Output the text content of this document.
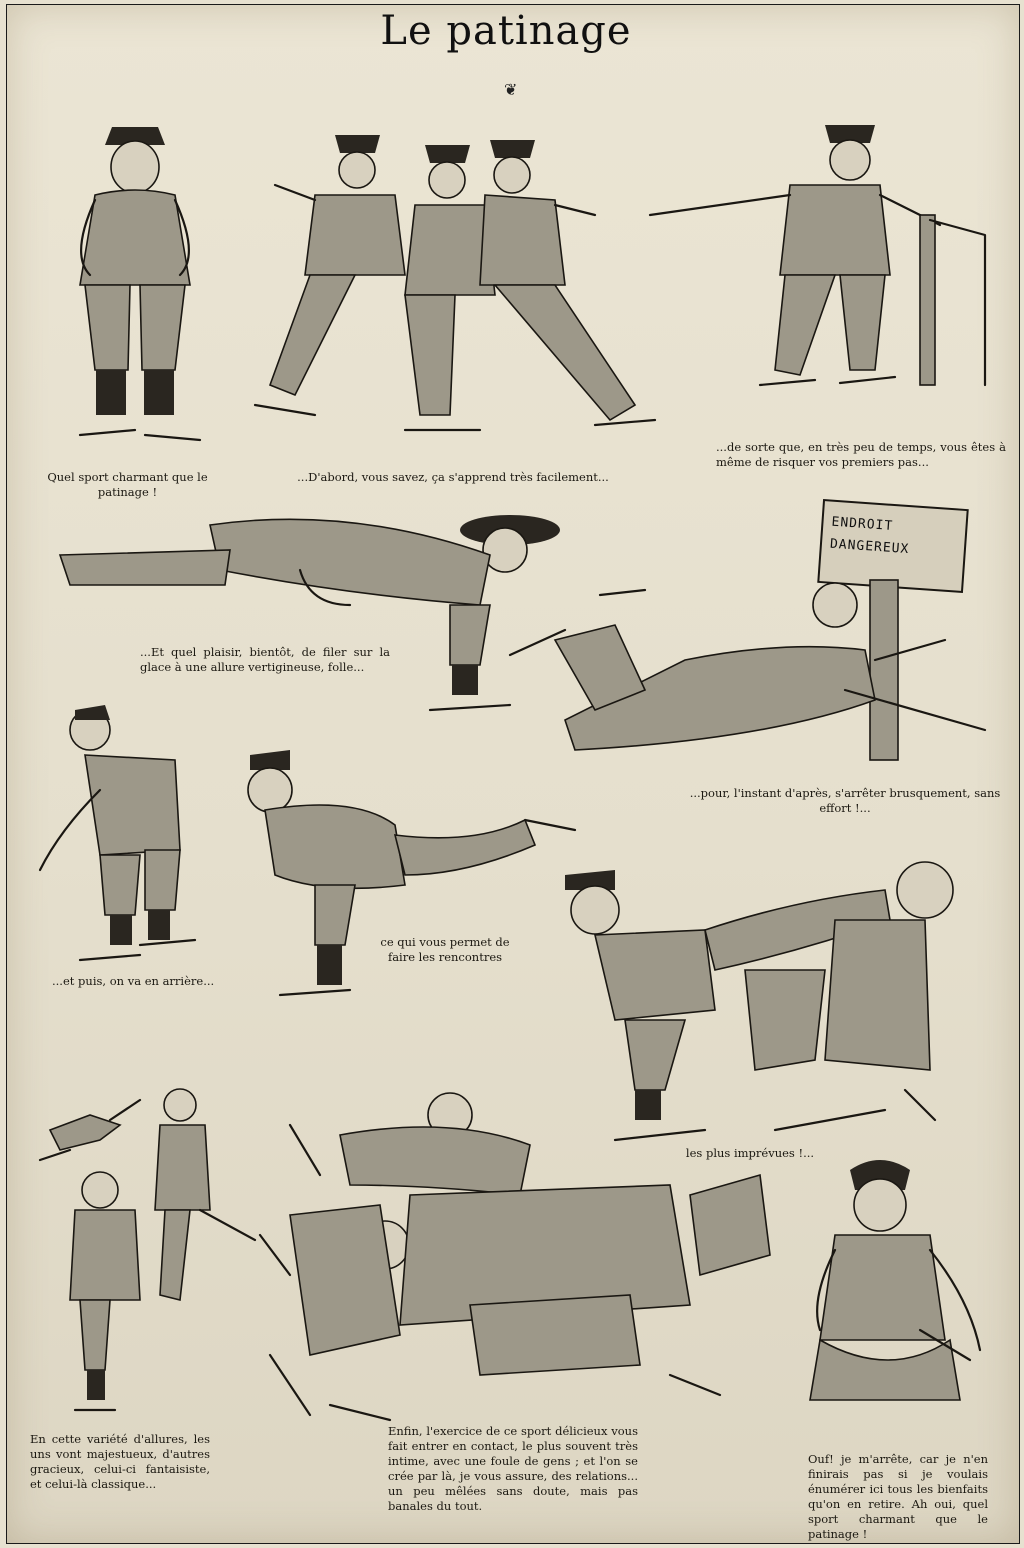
Le patinage
❦
Quel sport charmant que le patinage !
...D'abord, vous savez, ça s'apprend très facilement...
...de sorte que, en très peu de temps, vous êtes à même de risquer vos premiers pas...
ENDROIT
DANGEREUX
...Et quel plaisir, bientôt, de filer sur la glace à une allure vertigineuse, folle...
...pour, l'instant d'après, s'arrêter brusquement, sans effort !...
...et puis, on va en arrière...
ce qui vous permet de faire les rencontres
les plus imprévues !...
En cette variété d'allures, les uns vont majestueux, d'autres gracieux, celui-ci fantaisiste, et celui-là classique...
Enfin, l'exercice de ce sport délicieux vous fait entrer en contact, le plus souvent très intime, avec une foule de gens ; et l'on se crée par là, je vous assure, des relations... un peu mêlées sans doute, mais pas banales du tout.
Ouf! je m'arrête, car je n'en finirais pas si je voulais énumérer ici tous les bienfaits qu'on en retire. Ah oui, quel sport charmant que le patinage !
